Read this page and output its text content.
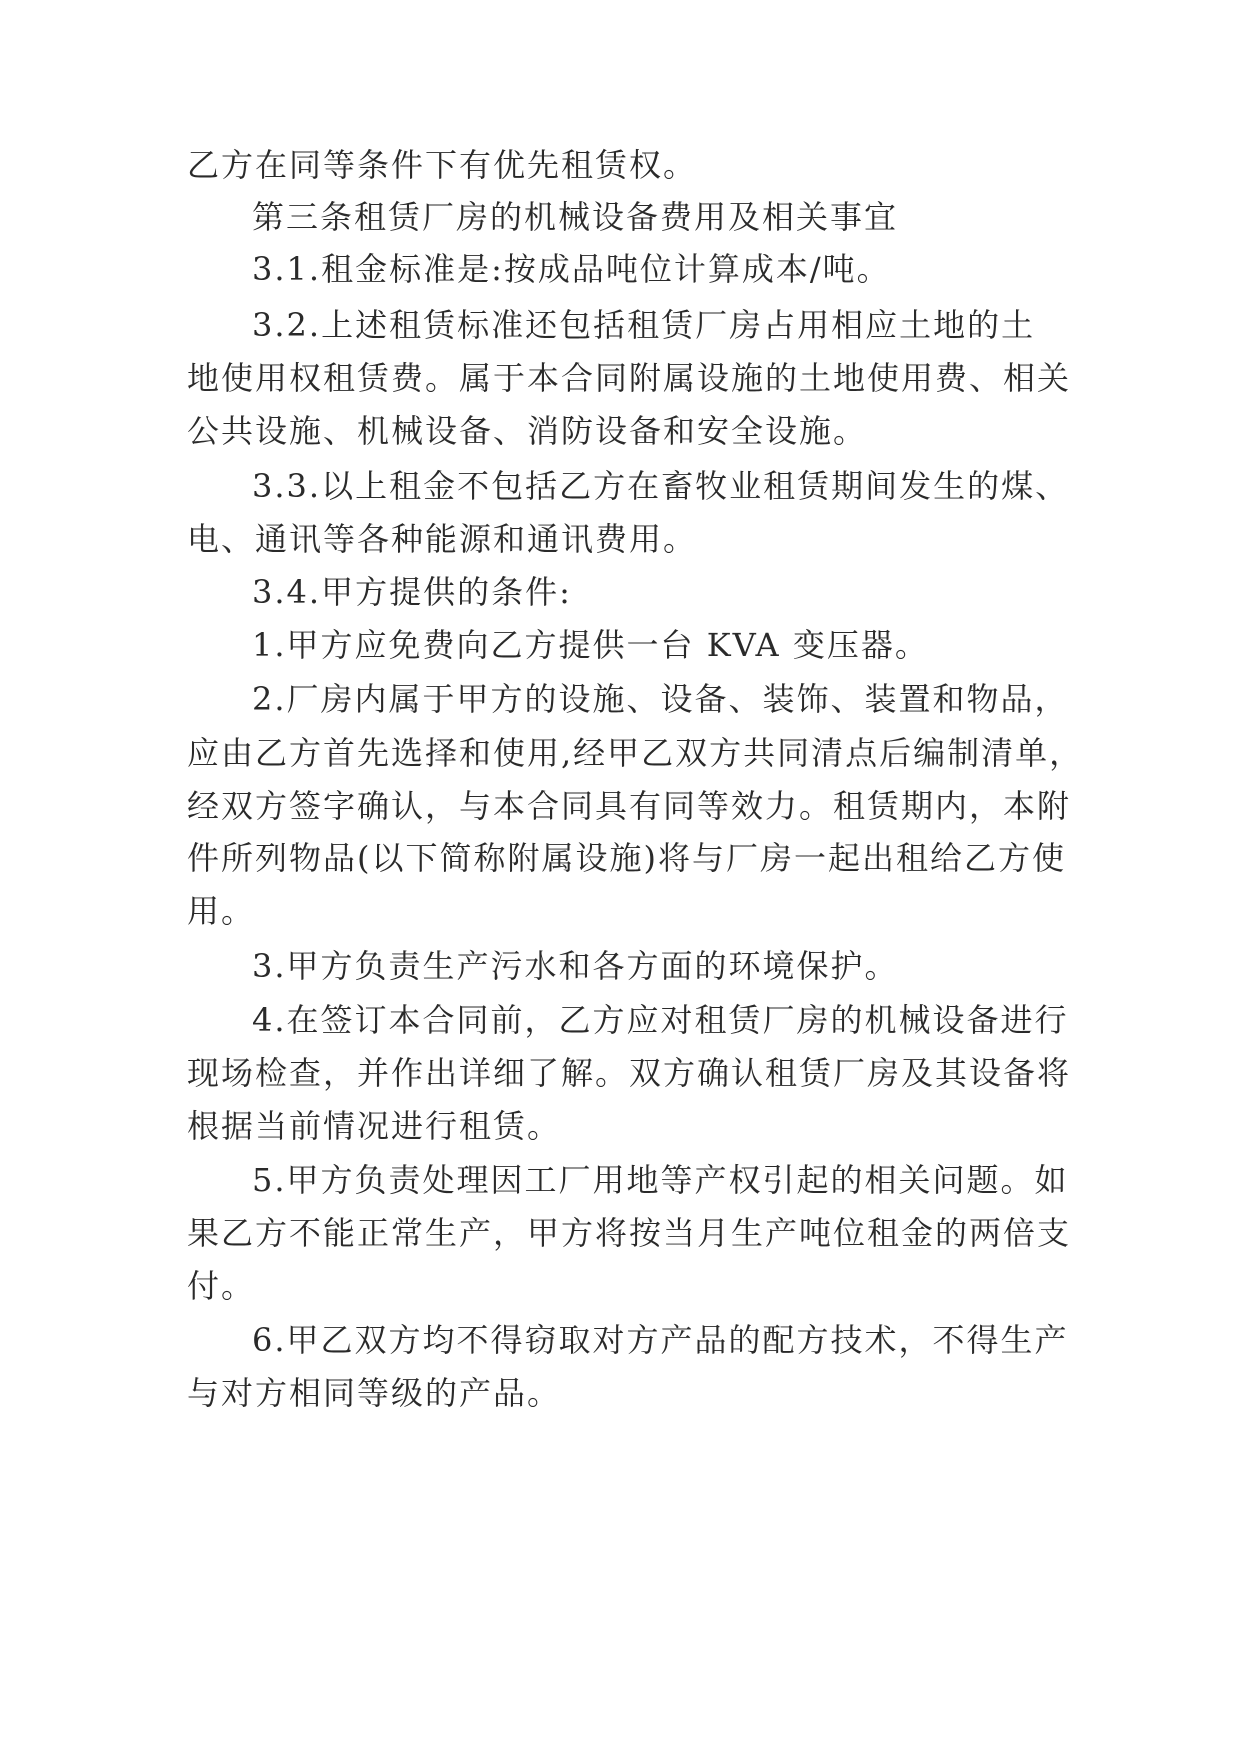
乙方在同等条件下有优先租赁权。

第三条租赁厂房的机械设备费用及相关事宜

3.1.租金标准是:按成品吨位计算成本/吨。

3.2.上述租赁标准还包括租赁厂房占用相应土地的土

地使用权租赁费。属于本合同附属设施的土地使用费、相关

公共设施、机械设备、消防设备和安全设施。

3.3.以上租金不包括乙方在畜牧业租赁期间发生的煤、

电、通讯等各种能源和通讯费用。

3.4.甲方提供的条件:

1.甲方应免费向乙方提供一台 KVA 变压器。

2.厂房内属于甲方的设施、设备、装饰、装置和物品，

应由乙方首先选择和使用,经甲乙双方共同清点后编制清单，

经双方签字确认，与本合同具有同等效力。租赁期内，本附

件所列物品(以下简称附属设施)将与厂房一起出租给乙方使

用。

3.甲方负责生产污水和各方面的环境保护。

4.在签订本合同前，乙方应对租赁厂房的机械设备进行

现场检查，并作出详细了解。双方确认租赁厂房及其设备将

根据当前情况进行租赁。

5.甲方负责处理因工厂用地等产权引起的相关问题。如

果乙方不能正常生产，甲方将按当月生产吨位租金的两倍支

付。

6.甲乙双方均不得窃取对方产品的配方技术，不得生产

与对方相同等级的产品。
